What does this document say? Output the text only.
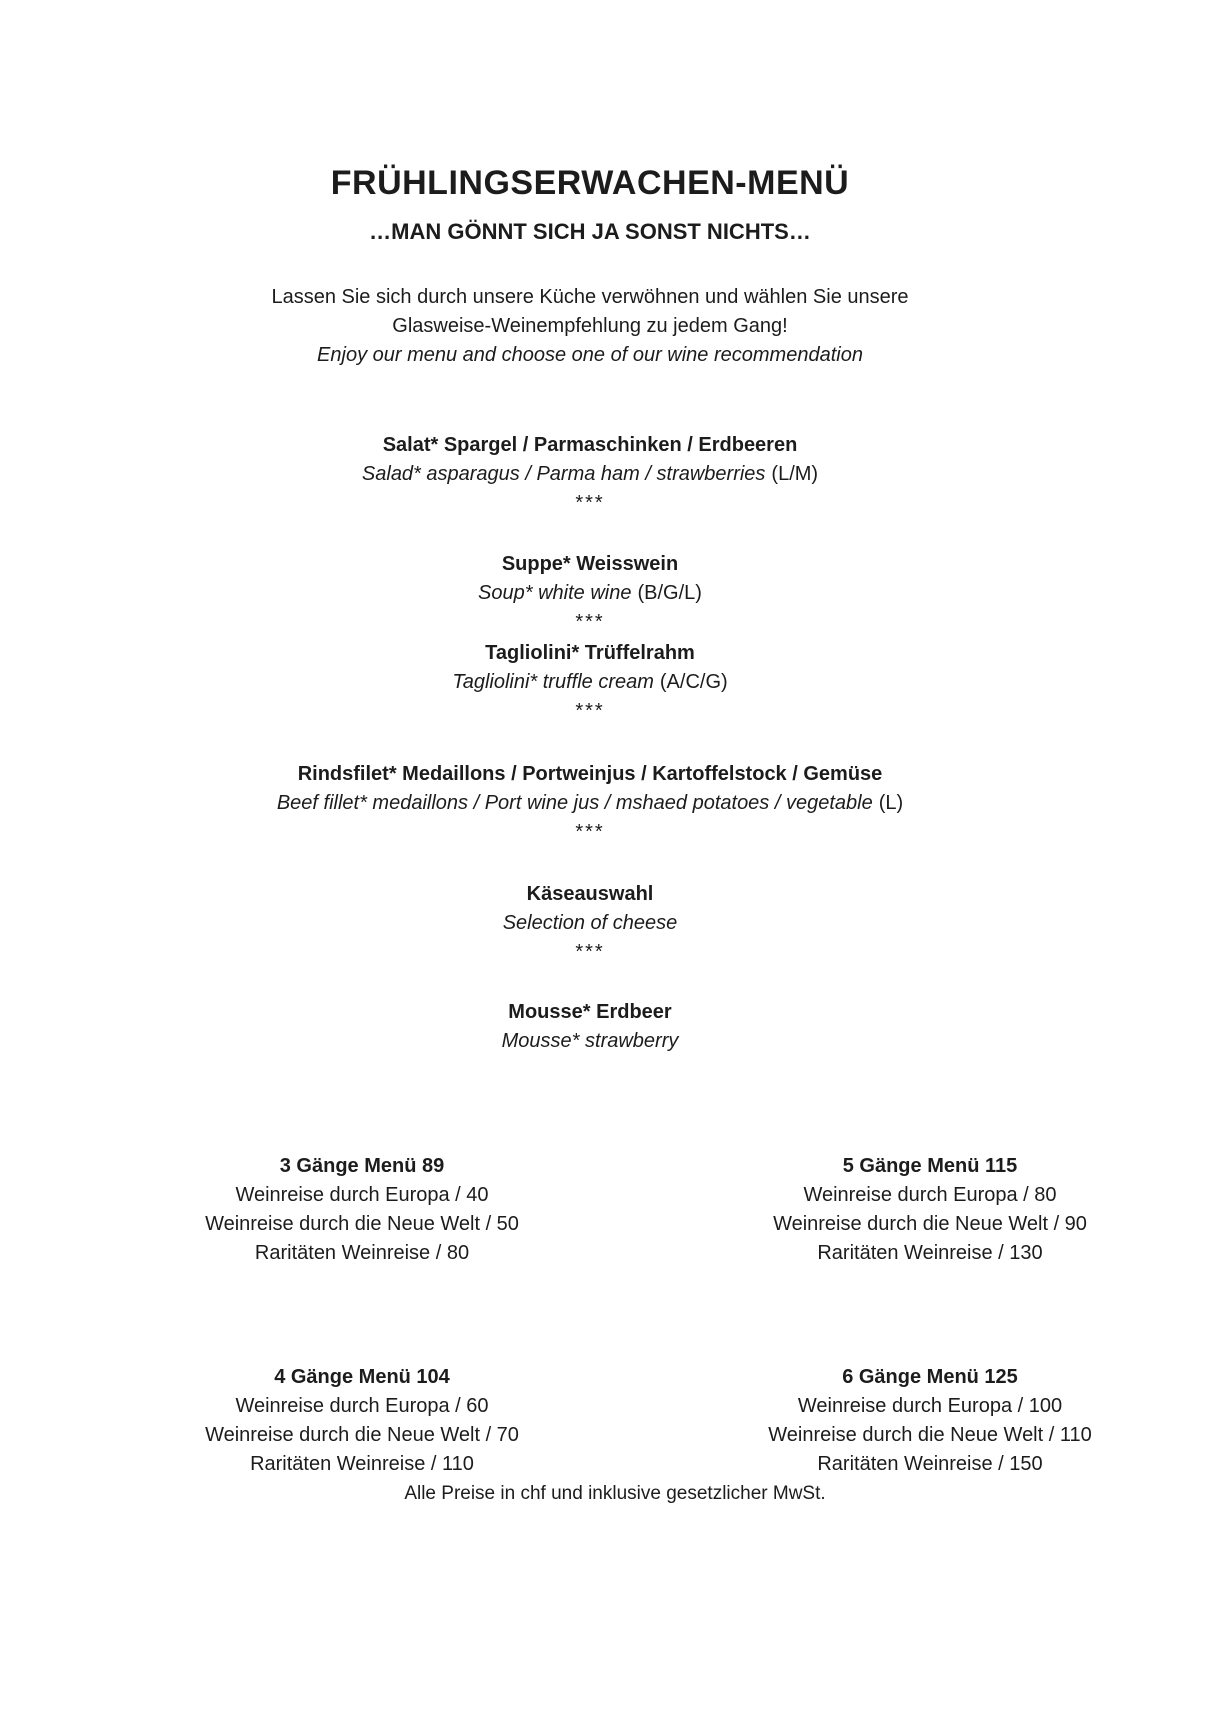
FRÜHLINGSERWACHEN-MENÜ
…MAN GÖNNT SICH JA SONST NICHTS…

Lassen Sie sich durch unsere Küche verwöhnen und wählen Sie unsere

Glasweise-Weinempfehlung zu jedem Gang!

Enjoy our menu and choose one of our wine recommendation

Salat* Spargel / Parmaschinken / Erdbeeren

Salad* asparagus / Parma ham / strawberries (L/M)

***

Suppe* Weisswein

Soup* white wine (B/G/L)

***

Tagliolini* Trüffelrahm

Tagliolini* truffle cream (A/C/G)

***

Rindsfilet* Medaillons / Portweinjus / Kartoffelstock / Gemüse

Beef fillet* medaillons / Port wine jus / mshaed potatoes / vegetable (L)

***

Käseauswahl

Selection of cheese

***

Mousse* Erdbeer

Mousse* strawberry

3 Gänge Menü 89

Weinreise durch Europa / 40

Weinreise durch die Neue Welt / 50

Raritäten Weinreise / 80

5 Gänge Menü 115

Weinreise durch Europa / 80

Weinreise durch die Neue Welt / 90

Raritäten Weinreise / 130

4 Gänge Menü 104

Weinreise durch Europa / 60

Weinreise durch die Neue Welt / 70

Raritäten Weinreise / 110

6 Gänge Menü 125

Weinreise durch Europa / 100

Weinreise durch die Neue Welt / 110

Raritäten Weinreise / 150

Alle Preise in chf und inklusive gesetzlicher MwSt.
